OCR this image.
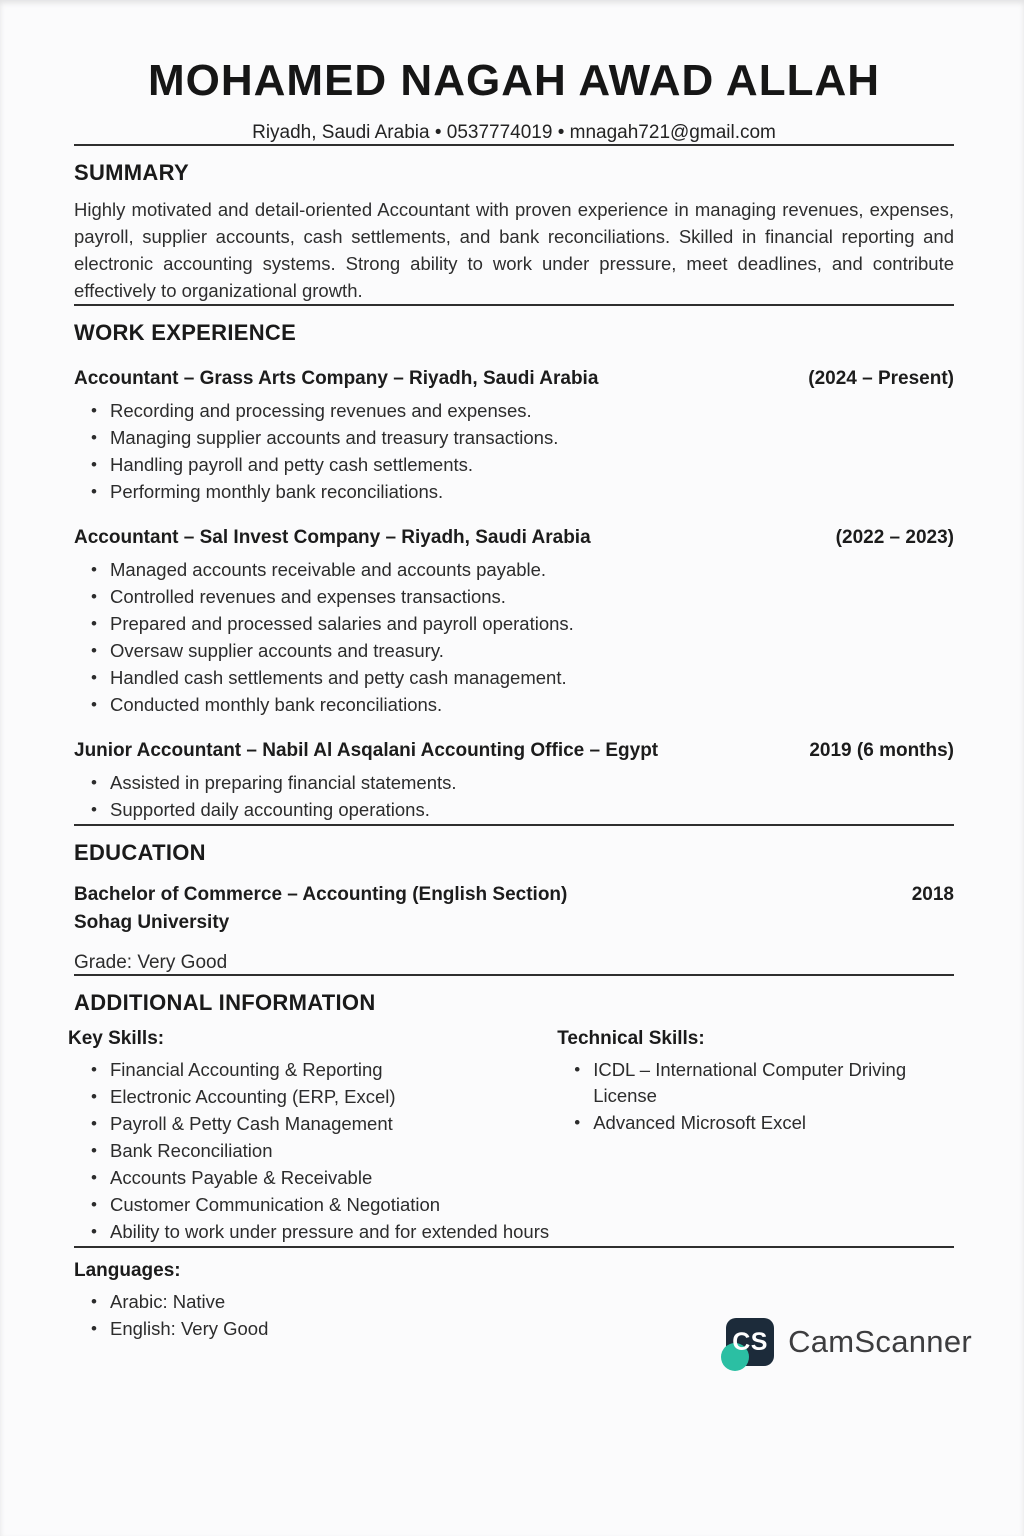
MOHAMED NAGAH AWAD ALLAH
Riyadh, Saudi Arabia • 0537774019 • mnagah721@gmail.com
SUMMARY

Highly motivated and detail-oriented Accountant with proven experience in managing revenues, expenses, payroll, supplier accounts, cash settlements, and bank reconciliations. Skilled in financial reporting and electronic accounting systems. Strong ability to work under pressure, meet deadlines, and contribute effectively to organizational growth.

WORK EXPERIENCE
Accountant – Grass Arts Company – Riyadh, Saudi Arabia	(2024 – Present)
• Recording and processing revenues and expenses.
• Managing supplier accounts and treasury transactions.
• Handling payroll and petty cash settlements.
• Performing monthly bank reconciliations.
Accountant – Sal Invest Company – Riyadh, Saudi Arabia	(2022 – 2023)
• Managed accounts receivable and accounts payable.
• Controlled revenues and expenses transactions.
• Prepared and processed salaries and payroll operations.
• Oversaw supplier accounts and treasury.
• Handled cash settlements and petty cash management.
• Conducted monthly bank reconciliations.
Junior Accountant – Nabil Al Asqalani Accounting Office – Egypt	2019 (6 months)
• Assisted in preparing financial statements.
• Supported daily accounting operations.
EDUCATION
Bachelor of Commerce – Accounting (English Section)	2018
Sohag University
Grade: Very Good
ADDITIONAL INFORMATION
Key Skills:
• Financial Accounting & Reporting
• Electronic Accounting (ERP, Excel)
• Payroll & Petty Cash Management
• Bank Reconciliation
• Accounts Payable & Receivable
• Customer Communication & Negotiation
• Ability to work under pressure and for extended hours
Technical Skills:
• ICDL – International Computer Driving License
• Advanced Microsoft Excel
Languages:
• Arabic: Native
• English: Very Good	CS CamScanner
